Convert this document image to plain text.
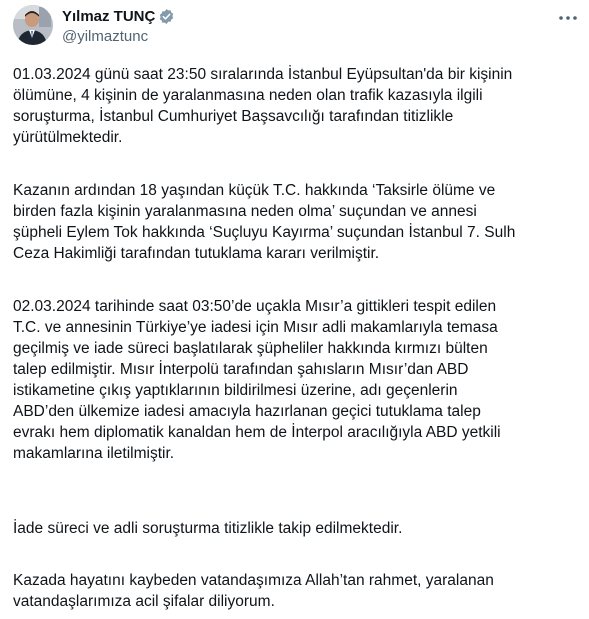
Yılmaz TUNÇ
@yilmaztunc

01.03.2024 günü saat 23:50 sıralarında İstanbul Eyüpsultan'da bir kişinin
ölümüne, 4 kişinin de yaralanmasına neden olan trafik kazasıyla ilgili
soruşturma, İstanbul Cumhuriyet Başsavcılığı tarafından titizlikle
yürütülmektedir.

Kazanın ardından 18 yaşından küçük T.C. hakkında ‘Taksirle ölüme ve
birden fazla kişinin yaralanmasına neden olma’ suçundan ve annesi
şüpheli Eylem Tok hakkında ‘Suçluyu Kayırma’ suçundan İstanbul 7. Sulh
Ceza Hakimliği tarafından tutuklama kararı verilmiştir.

02.03.2024 tarihinde saat 03:50’de uçakla Mısır’a gittikleri tespit edilen
T.C. ve annesinin Türkiye’ye iadesi için Mısır adli makamlarıyla temasa
geçilmiş ve iade süreci başlatılarak şüpheliler hakkında kırmızı bülten
talep edilmiştir. Mısır İnterpolü tarafından şahısların Mısır’dan ABD
istikametine çıkış yaptıklarının bildirilmesi üzerine, adı geçenlerin
ABD’den ülkemize iadesi amacıyla hazırlanan geçici tutuklama talep
evrakı hem diplomatik kanaldan hem de İnterpol aracılığıyla ABD yetkili
makamlarına iletilmiştir.

İade süreci ve adli soruşturma titizlikle takip edilmektedir.

Kazada hayatını kaybeden vatandaşımıza Allah’tan rahmet, yaralanan
vatandaşlarımıza acil şifalar diliyorum.
